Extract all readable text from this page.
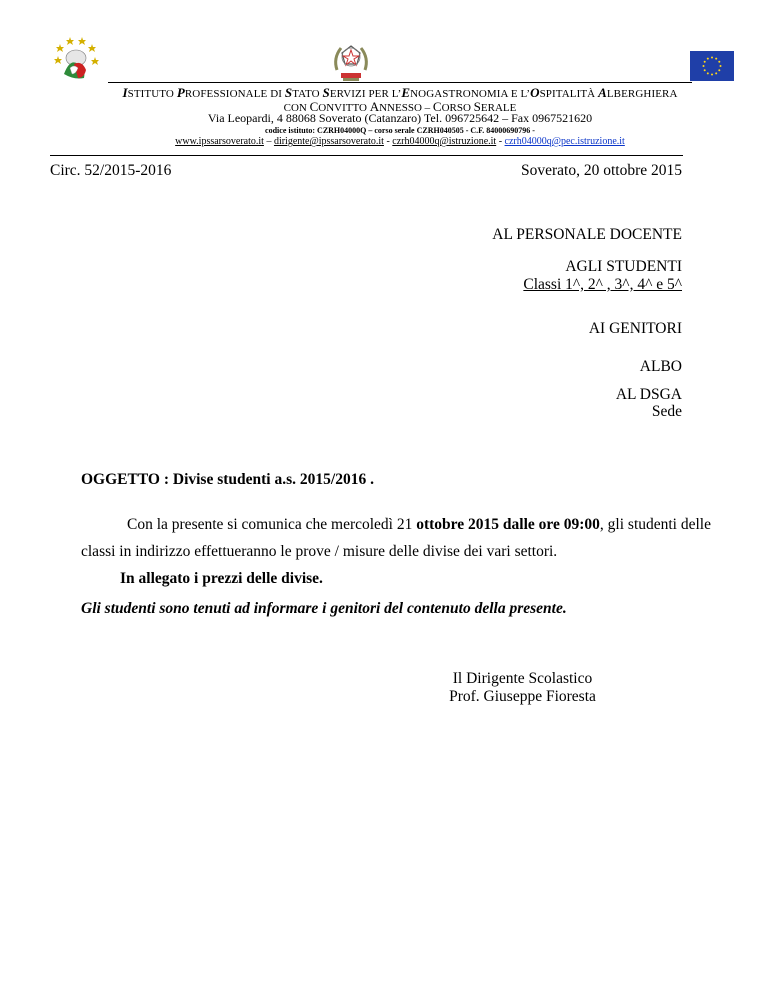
ISTITUTO PROFESSIONALE DI STATO SERVIZI PER L’ENOGASTRONOMIA E L’OSPITALITÀ ALBERGHIERA
CON CONVITTO ANNESSO – CORSO SERALE
Via Leopardi, 4 88068 Soverato (Catanzaro) Tel. 096725642 – Fax 0967521620
codice istituto: CZRH04000Q – corso serale CZRH040505 - C.F. 84000690796 -
www.ipssarsoverato.it – dirigente@ipssarsoverato.it - czrh04000q@istruzione.it - czrh04000q@pec.istruzione.it
Circ. 52/2015-2016	Soverato, 20 ottobre 2015
AL PERSONALE DOCENTE
AGLI STUDENTI
Classi 1^, 2^ , 3^, 4^ e 5^
AI GENITORI
ALBO
AL DSGA
Sede
OGGETTO : Divise studenti a.s. 2015/2016 .
Con la presente si comunica che mercoledì 21 ottobre 2015 dalle ore 09:00, gli studenti delle
classi in indirizzo effettueranno le prove / misure delle divise dei vari settori.
In allegato i prezzi delle divise.
Gli studenti sono tenuti ad informare i genitori del contenuto della presente.
Il Dirigente Scolastico
Prof. Giuseppe Fioresta
